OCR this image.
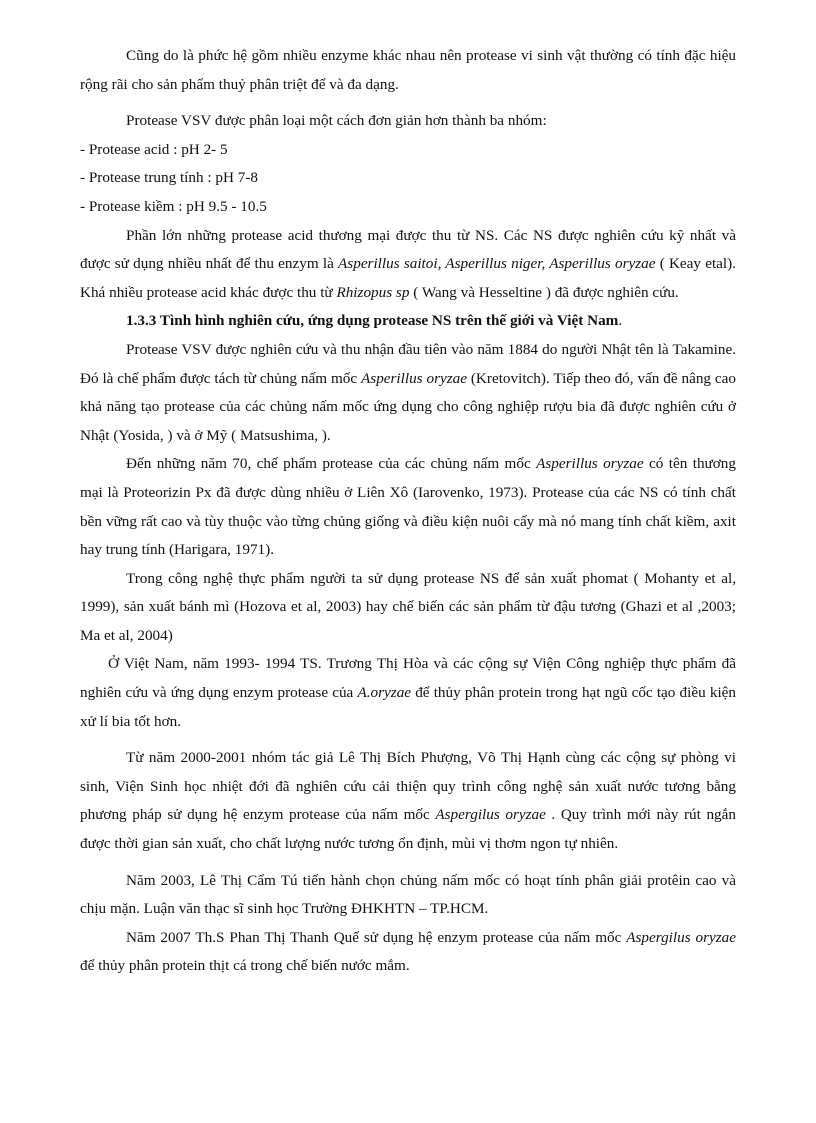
Cũng do là phức hệ gồm nhiều enzyme khác nhau nên protease vi sinh vật thường có tính đặc hiệu rộng rãi cho sản phẩm thuỷ phân triệt để và đa dạng.

Protease VSV được phân loại một cách đơn giản hơn thành ba nhóm:

- Protease acid : pH 2- 5

- Protease trung tính : pH 7-8

- Protease kiềm : pH 9.5 - 10.5

Phần lớn những protease acid thương mại được thu từ NS. Các NS được nghiên cứu kỹ nhất và được sử dụng nhiều nhất để thu enzym là Asperillus saitoi, Asperillus niger, Asperillus oryzae ( Keay etal). Khá nhiều protease acid khác được thu từ Rhizopus sp ( Wang và Hesseltine ) đã được nghiên cứu.

1.3.3 Tình hình nghiên cứu, ứng dụng protease NS trên thế giới và Việt Nam.

Protease VSV được nghiên cứu và thu nhận đầu tiên vào năm 1884 do người Nhật tên là Takamine. Đó là chế phẩm được tách từ chủng nấm mốc Asperillus oryzae (Kretovitch). Tiếp theo đó, vấn đề nâng cao khả năng tạo protease của các chủng nấm mốc ứng dụng cho công nghiệp rượu bia đã được nghiên cứu ở Nhật (Yosida, ) và ở Mỹ ( Matsushima, ).

Đến những năm 70, chế phẩm protease của các chủng nấm mốc Asperillus oryzae có tên thương mại là Proteorizin Px đã được dùng nhiều ở Liên Xô (Iarovenko, 1973). Protease của các NS có tính chất bền vững rất cao và tùy thuộc vào từng chủng giống và điều kiện nuôi cấy mà nó mang tính chất kiềm, axit hay trung tính (Harigara, 1971).

Trong công nghệ thực phẩm người ta sử dụng protease NS để sản xuất phomat ( Mohanty et al, 1999), sản xuất bánh mì (Hozova et al, 2003) hay chế biến các sản phẩm từ đậu tương (Ghazi et al ,2003; Ma et al, 2004)

Ở Việt Nam, năm 1993- 1994 TS. Trương Thị Hòa và các cộng sự Viện Công nghiệp thực phẩm đã nghiên cứu và ứng dụng enzym protease của A.oryzae để thủy phân protein trong hạt ngũ cốc tạo điều kiện xử lí bia tốt hơn.

Từ năm 2000-2001 nhóm tác giả Lê Thị Bích Phượng, Võ Thị Hạnh cùng các cộng sự phòng vi sinh, Viện Sinh học nhiệt đới đã nghiên cứu cải thiện quy trình công nghệ sản xuất nước tương bằng phương pháp sử dụng hệ enzym protease của nấm mốc Aspergilus oryzae . Quy trình mới này rút ngắn được thời gian sản xuất, cho chất lượng nước tương ổn định, mùi vị thơm ngon tự nhiên.

Năm 2003, Lê Thị Cẩm Tú tiến hành chọn chủng nấm mốc có hoạt tính phân giải protêin cao và chịu mặn. Luận văn thạc sĩ sinh học Trường ĐHKHTN – TP.HCM.

Năm 2007 Th.S Phan Thị Thanh Quế sử dụng hệ enzym protease của nấm mốc Aspergilus oryzae để thủy phân protein thịt cá trong chế biến nước mắm.
